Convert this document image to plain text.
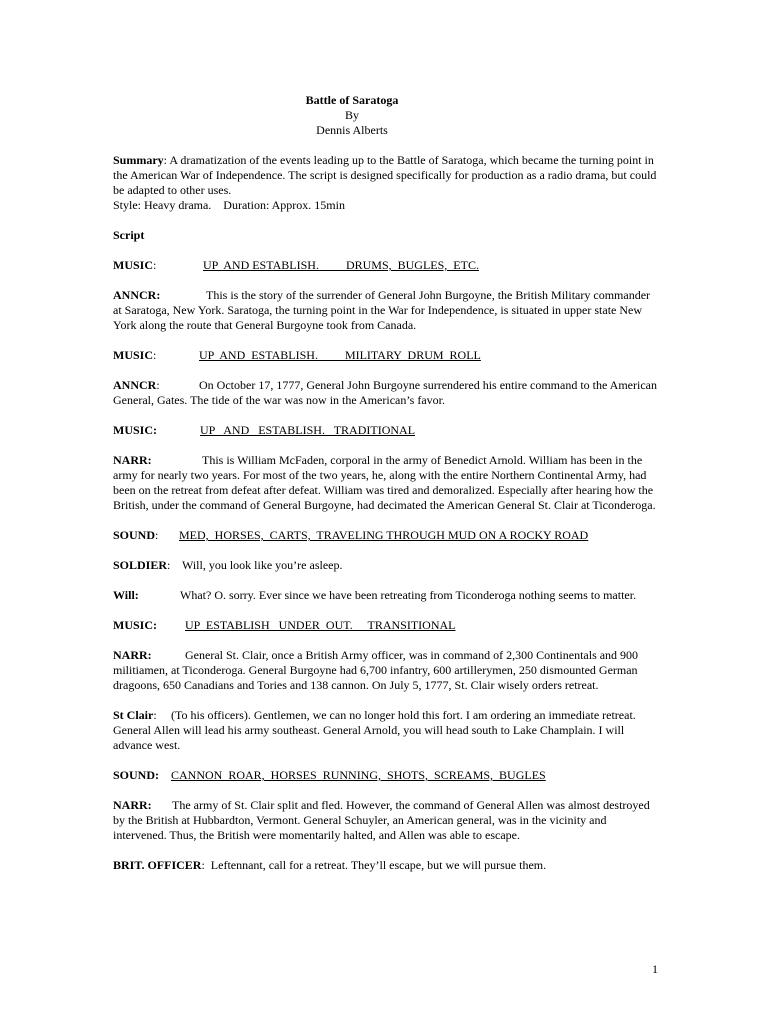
Battle of Saratoga
By
Dennis Alberts

Summary: A dramatization of the events leading up to the Battle of Saratoga, which became the turning point in the American War of Independence. The script is designed specifically for production as a radio drama, but could be adapted to other uses.
Style: Heavy drama.    Duration: Approx. 15min

Script

MUSIC:	UP  AND ESTABLISH.         DRUMS,  BUGLES,  ETC.

ANNCR:	This is the story of the surrender of General John Burgoyne, the British Military commander at Saratoga, New York. Saratoga, the turning point in the War for Independence, is situated in upper state New York along the route that General Burgoyne took from Canada.

MUSIC:	UP  AND  ESTABLISH.         MILITARY  DRUM  ROLL

ANNCR:	On October 17, 1777, General John Burgoyne surrendered his entire command to the American General, Gates. The tide of the war was now in the American’s favor.

MUSIC:	UP   AND   ESTABLISH.   TRADITIONAL

NARR:	This is William McFaden, corporal in the army of Benedict Arnold. William has been in the army for nearly two years. For most of the two years, he, along with the entire Northern Continental Army, had been on the retreat from defeat after defeat. William was tired and demoralized. Especially after hearing how the British, under the command of General Burgoyne, had decimated the American General St. Clair at Ticonderoga.

SOUND: MED,  HORSES,  CARTS,  TRAVELING THROUGH MUD ON A ROCKY ROAD

SOLDIER: Will, you look like you’re asleep.

Will:	What? O. sorry. Ever since we have been retreating from Ticonderoga nothing seems to matter.

MUSIC: UP  ESTABLISH   UNDER  OUT.     TRANSITIONAL

NARR:	General St. Clair, once a British Army officer, was in command of 2,300 Continentals and 900 militiamen, at Ticonderoga. General Burgoyne had 6,700 infantry, 600 artillerymen, 250 dismounted German dragoons, 650 Canadians and Tories and 138 cannon. On July 5, 1777, St. Clair wisely orders retreat.

St Clair: (To his officers). Gentlemen, we can no longer hold this fort. I am ordering an immediate retreat. General Allen will lead his army southeast. General Arnold, you will head south to Lake Champlain. I will advance west.

SOUND: CANNON  ROAR,  HORSES  RUNNING,  SHOTS,  SCREAMS,  BUGLES

NARR: The army of St. Clair split and fled. However, the command of General Allen was almost destroyed by the British at Hubbardton, Vermont. General Schuyler, an American general, was in the vicinity and intervened. Thus, the British were momentarily halted, and Allen was able to escape.

BRIT. OFFICER: Leftennant, call for a retreat. They’ll escape, but we will pursue them.

1
